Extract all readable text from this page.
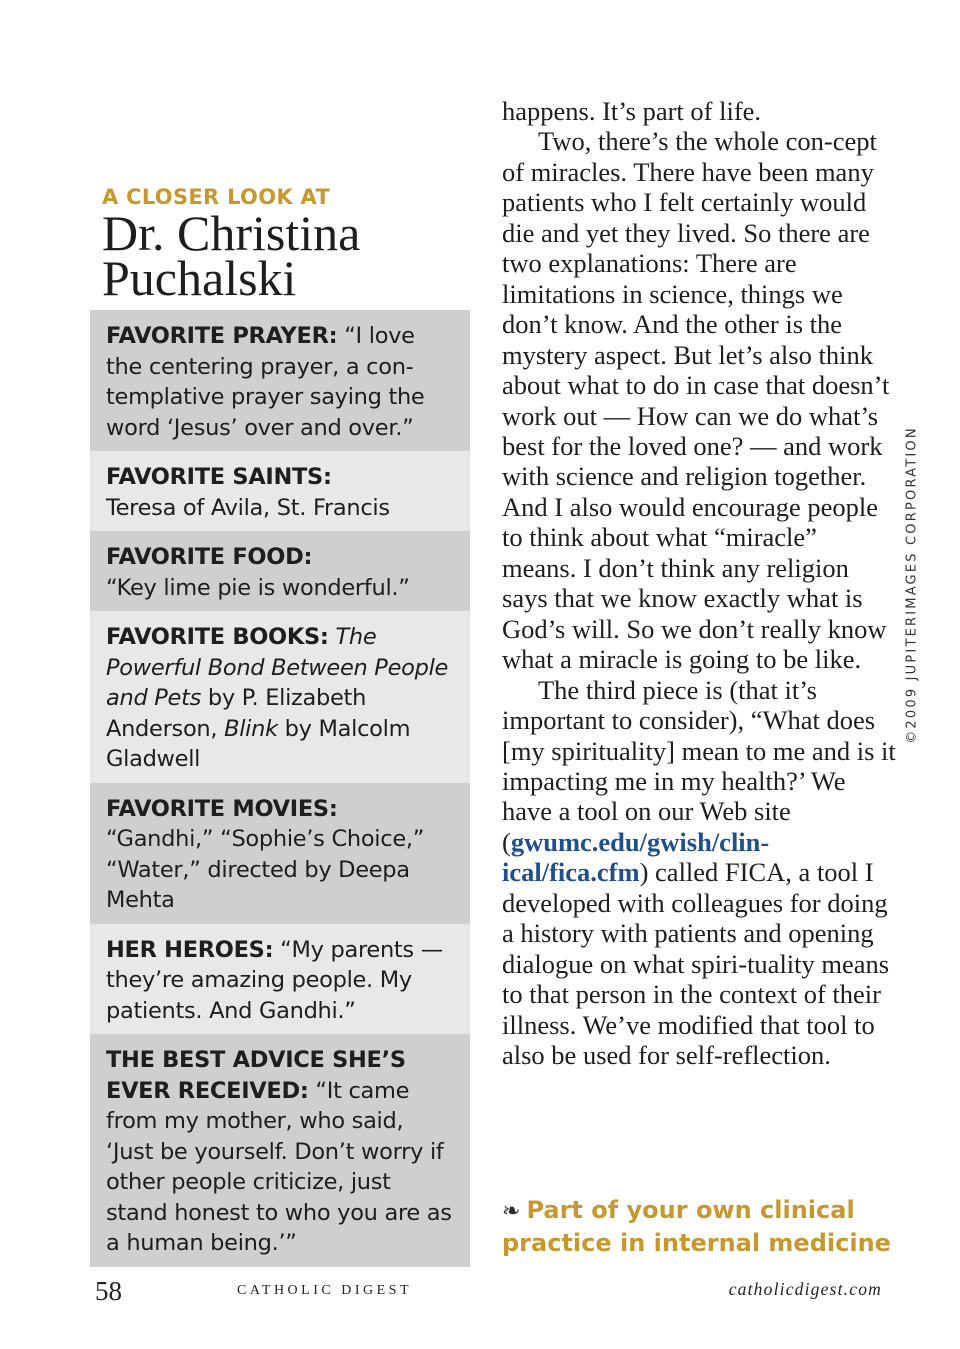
A CLOSER LOOK AT
Dr. Christina
Puchalski
FAVORITE PRAYER: “I love the centering prayer, a con-templative prayer saying the word ‘Jesus’ over and over.”
FAVORITE SAINTS:
Teresa of Avila, St. Francis
FAVORITE FOOD:
“Key lime pie is wonderful.”
FAVORITE BOOKS: The Powerful Bond Between People and Pets by P. Elizabeth Anderson, Blink by Malcolm Gladwell
FAVORITE MOVIES:
“Gandhi,” “Sophie’s Choice,” “Water,” directed by Deepa Mehta
HER HEROES: “My parents — they’re amazing people. My patients. And Gandhi.”
THE BEST ADVICE SHE’S EVER RECEIVED: “It came from my mother, who said, ‘Just be yourself. Don’t worry if other people criticize, just stand honest to who you are as a human being.’”

happens. It’s part of life.

Two, there’s the whole con-cept of miracles. There have been many patients who I felt certainly would die and yet they lived. So there are two explanations: There are limitations in science, things we don’t know. And the other is the mystery aspect. But let’s also think about what to do in case that doesn’t work out — How can we do what’s best for the loved one? — and work with science and religion together. And I also would encourage people to think about what “miracle” means. I don’t think any religion says that we know exactly what is God’s will. So we don’t really know what a miracle is going to be like.

The third piece is (that it’s important to consider), “What does [my spirituality] mean to me and is it impacting me in my health?’ We have a tool on our Web site (gwumc.edu/gwish/clin-ical/fica.cfm) called FICA, a tool I developed with colleagues for doing a history with patients and opening dialogue on what spiri-tuality means to that person in the context of their illness. We’ve modified that tool to also be used for self-reflection.

❧ Part of your own clinical practice in internal medicine
©2009 JUPITERIMAGES CORPORATION
58	CATHOLIC DIGEST	catholicdigest.com
